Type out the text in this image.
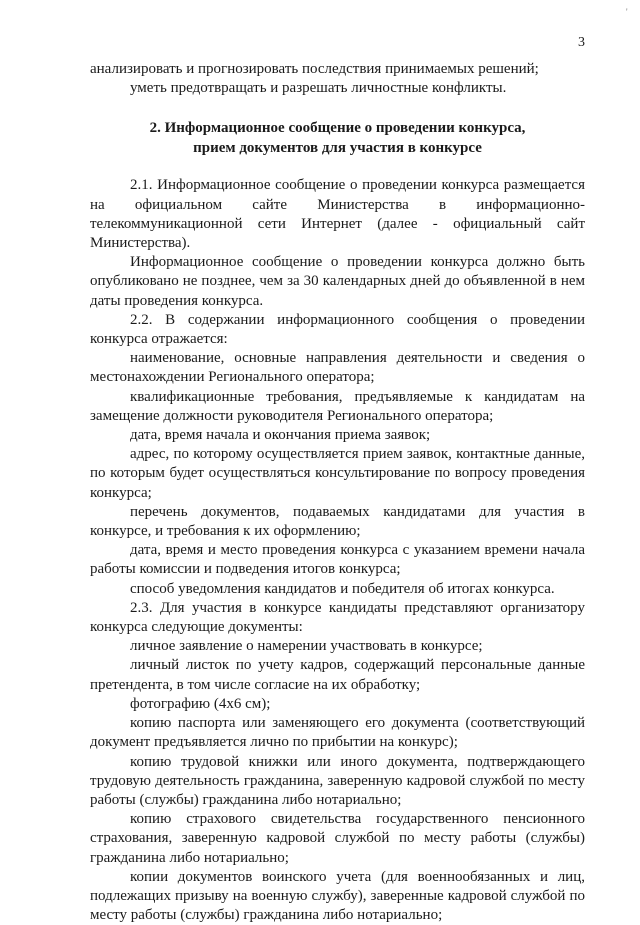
'
3

анализировать и прогнозировать последствия принимаемых решений;

уметь предотвращать и разрешать личностные конфликты.

2. Информационное сообщение о проведении конкурса,
прием документов для участия в конкурсе

2.1. Информационное сообщение о проведении конкурса размещается на официальном сайте Министерства в информационно-телекоммуникационной сети Интернет (далее - официальный сайт Министерства).

Информационное сообщение о проведении конкурса должно быть опубликовано не позднее, чем за 30 календарных дней до объявленной в нем даты проведения конкурса.

2.2. В содержании информационного сообщения о проведении конкурса отражается:

наименование, основные направления деятельности и сведения о местонахождении Регионального оператора;

квалификационные требования, предъявляемые к кандидатам на замещение должности руководителя Регионального оператора;

дата, время начала и окончания приема заявок;

адрес, по которому осуществляется прием заявок, контактные данные, по которым будет осуществляться консультирование по вопросу проведения конкурса;

перечень документов, подаваемых кандидатами для участия в конкурсе, и требования к их оформлению;

дата, время и место проведения конкурса с указанием времени начала работы комиссии и подведения итогов конкурса;

способ уведомления кандидатов и победителя об итогах конкурса.

2.3. Для участия в конкурсе кандидаты представляют организатору конкурса следующие документы:

личное заявление о намерении участвовать в конкурсе;

личный листок по учету кадров, содержащий персональные данные претендента, в том числе согласие на их обработку;

фотографию (4х6 см);

копию паспорта или заменяющего его документа (соответствующий документ предъявляется лично по прибытии на конкурс);

копию трудовой книжки или иного документа, подтверждающего трудовую деятельность гражданина, заверенную кадровой службой по месту работы (службы) гражданина либо нотариально;

копию страхового свидетельства государственного пенсионного страхования, заверенную кадровой службой по месту работы (службы) гражданина либо нотариально;

копии документов воинского учета (для военнообязанных и лиц, подлежащих призыву на военную службу), заверенные кадровой службой по месту работы (службы) гражданина либо нотариально;
